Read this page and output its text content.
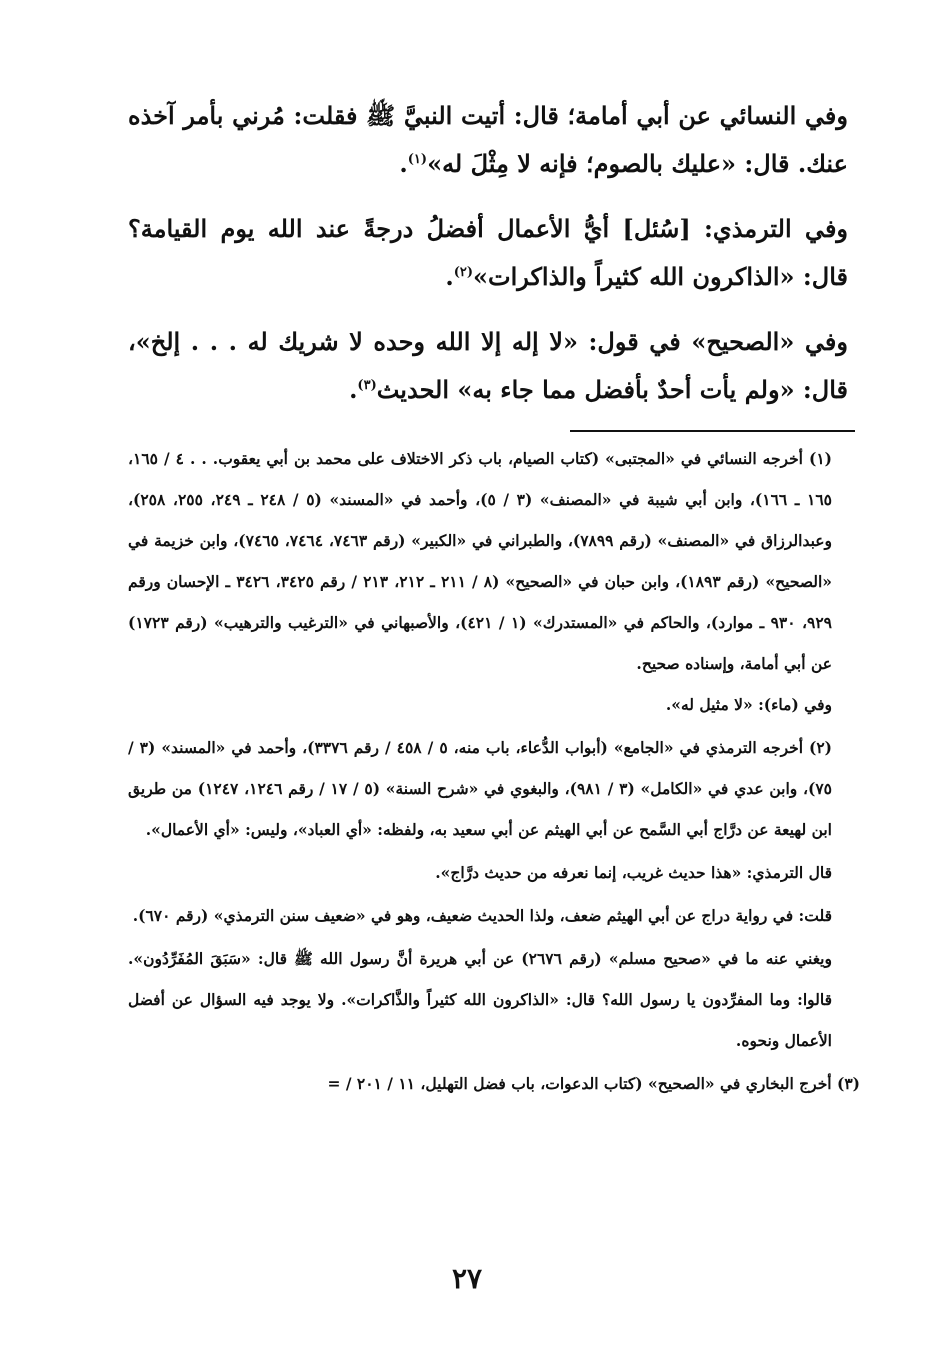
وفي النسائي عن أبي أمامة؛ قال: أتيت النبيَّ ﷺ فقلت: مُرني بأمر آخذه عنك. قال: «عليك بالصوم؛ فإنه لا مِثْلَ له»$^{(١)}$.

وفي الترمذي: [سُئل] أيُّ الأعمال أفضلُ درجةً عند الله يوم القيامة؟ قال: «الذاكرون الله كثيراً والذاكرات»$^{(٢)}$.

وفي «الصحيح» في قول: «لا إله إلا الله وحده لا شريك له . . . إلخ»، قال: «ولم يأت أحدٌ بأفضل مما جاء به» الحديث$^{(٣)}$.

(١) أخرجه النسائي في «المجتبى» (كتاب الصيام، باب ذكر الاختلاف على محمد بن أبي يعقوب. . . ٤ / ١٦٥، ١٦٥ ـ ١٦٦)، وابن أبي شيبة في «المصنف» (٣ / ٥)، وأحمد في «المسند» (٥ / ٢٤٨ ـ ٢٤٩، ٢٥٥، ٢٥٨)، وعبدالرزاق في «المصنف» (رقم ٧٨٩٩)، والطبراني في «الكبير» (رقم ٧٤٦٣، ٧٤٦٤، ٧٤٦٥)، وابن خزيمة في «الصحيح» (رقم ١٨٩٣)، وابن حبان في «الصحيح» (٨ / ٢١١ ـ ٢١٢، ٢١٣ / رقم ٣٤٢٥، ٣٤٢٦ ـ الإحسان ورقم ٩٢٩، ٩٣٠ ـ موارد)، والحاكم في «المستدرك» (١ / ٤٢١)، والأصبهاني في «الترغيب والترهيب» (رقم ١٧٢٣) عن أبي أمامة، وإسناده صحيح.

وفي (ماء): «لا مثيل له».

(٢) أخرجه الترمذي في «الجامع» (أبواب الدُّعاء، باب منه، ٥ / ٤٥٨ / رقم ٣٣٧٦)، وأحمد في «المسند» (٣ / ٧٥)، وابن عدي في «الكامل» (٣ / ٩٨١)، والبغوي في «شرح السنة» (٥ / ١٧ / رقم ١٢٤٦، ١٢٤٧) من طريق ابن لهيعة عن درَّاج أبي السَّمح عن أبي الهيثم عن أبي سعيد به، ولفظه: «أي العباد»، وليس: «أي الأعمال».

قال الترمذي: «هذا حديث غريب، إنما نعرفه من حديث درَّاج».

قلت: في رواية دراج عن أبي الهيثم ضعف، ولذا الحديث ضعيف، وهو في «ضعيف سنن الترمذي» (رقم ٦٧٠).

ويغني عنه ما في «صحيح مسلم» (رقم ٢٦٧٦) عن أبي هريرة أنَّ رسول الله ﷺ قال: «سَبَقَ المُفَرِّدُون». قالوا: وما المفرِّدون يا رسول الله؟ قال: «الذاكرون الله كثيراً والذَّاكرات». ولا يوجد فيه السؤال عن أفضل الأعمال ونحوه.

(٣) أخرج البخاري في «الصحيح» (كتاب الدعوات، باب فضل التهليل، ١١ / ٢٠١ / =

٢٧
